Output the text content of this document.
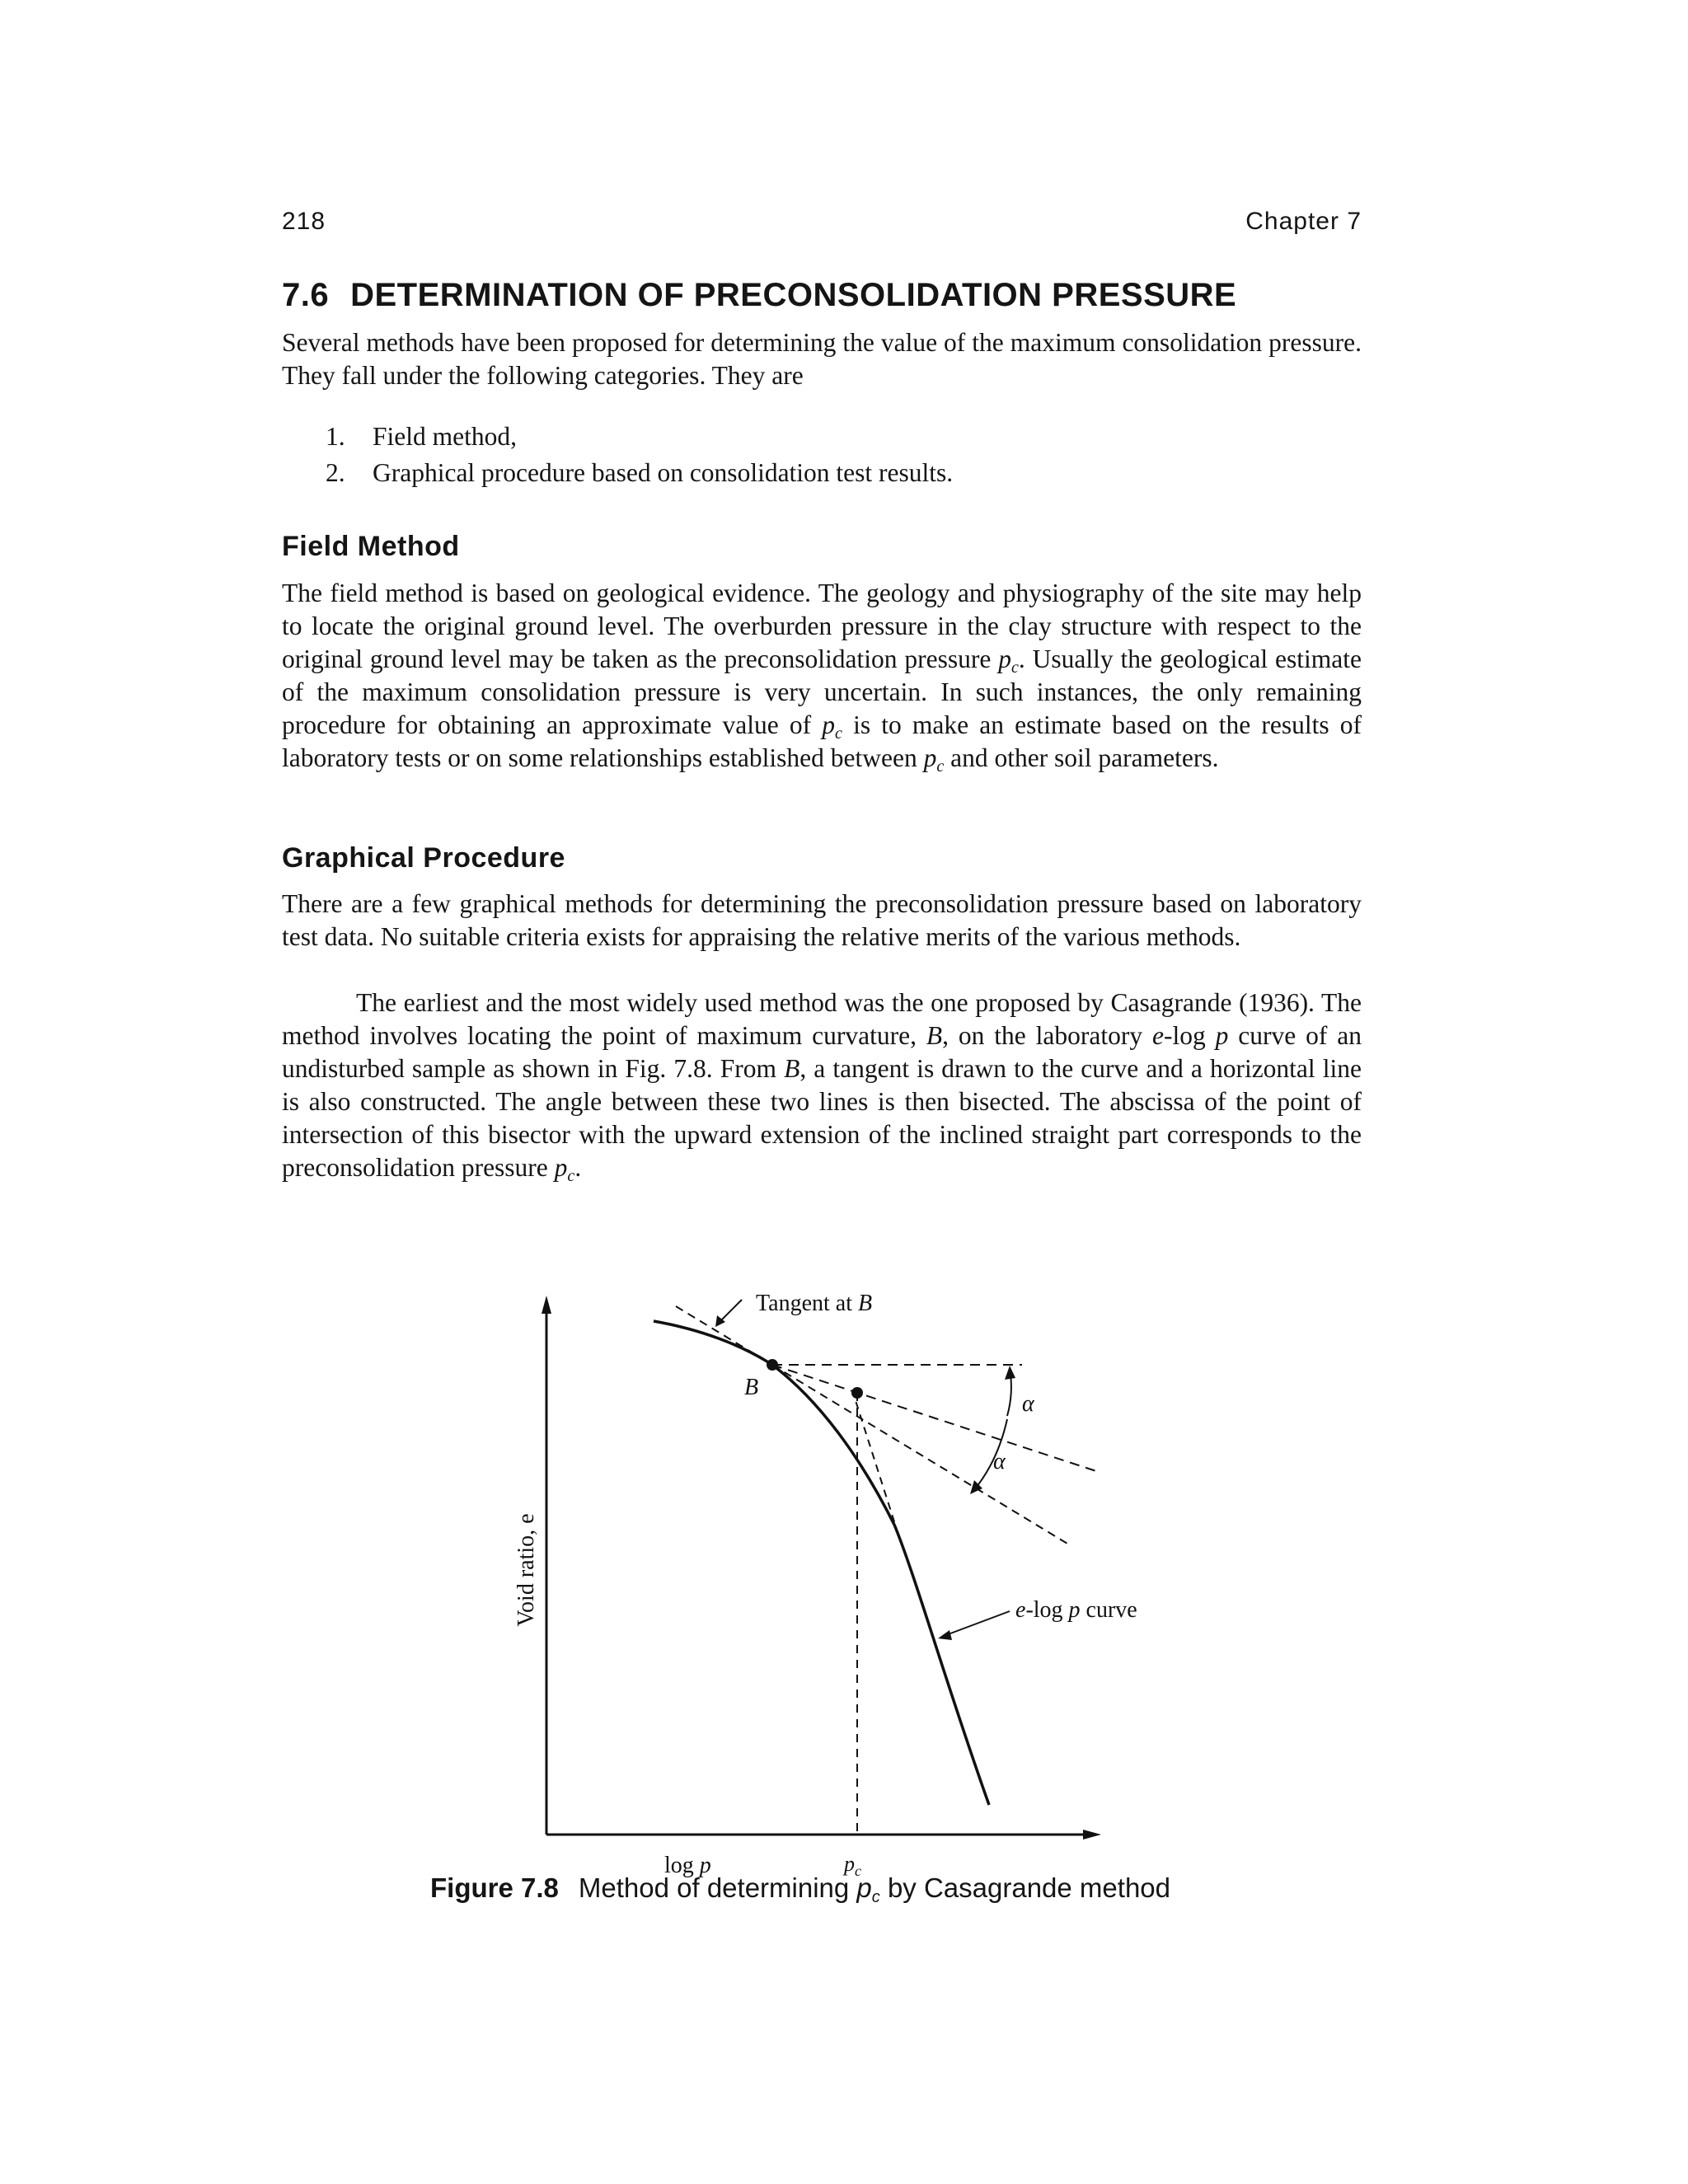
218	Chapter 7
7.6 DETERMINATION OF PRECONSOLIDATION PRESSURE

Several methods have been proposed for determining the value of the maximum consolidation pressure. They fall under the following categories. They are

1. Field method,
2. Graphical procedure based on consolidation test results.
Field Method

The field method is based on geological evidence. The geology and physiography of the site may help to locate the original ground level. The overburden pressure in the clay structure with respect to the original ground level may be taken as the preconsolidation pressure $p_c$. Usually the geological estimate of the maximum consolidation pressure is very uncertain. In such instances, the only remaining procedure for obtaining an approximate value of $p_c$ is to make an estimate based on the results of laboratory tests or on some relationships established between $p_c$ and other soil parameters.

Graphical Procedure

There are a few graphical methods for determining the preconsolidation pressure based on laboratory test data. No suitable criteria exists for appraising the relative merits of the various methods.

The earliest and the most widely used method was the one proposed by Casagrande (1936). The method involves locating the point of maximum curvature, B, on the laboratory e-log p curve of an undisturbed sample as shown in Fig. 7.8. From B, a tangent is drawn to the curve and a horizontal line is also constructed. The angle between these two lines is then bisected. The abscissa of the point of intersection of this bisector with the upward extension of the inclined straight part corresponds to the preconsolidation pressure $p_c$.

Tangent at B
B
α
α
e-log p curve
Void ratio, e
log p	$p_c$
Figure 7.8 Method of determining $p_c$ by Casagrande method
